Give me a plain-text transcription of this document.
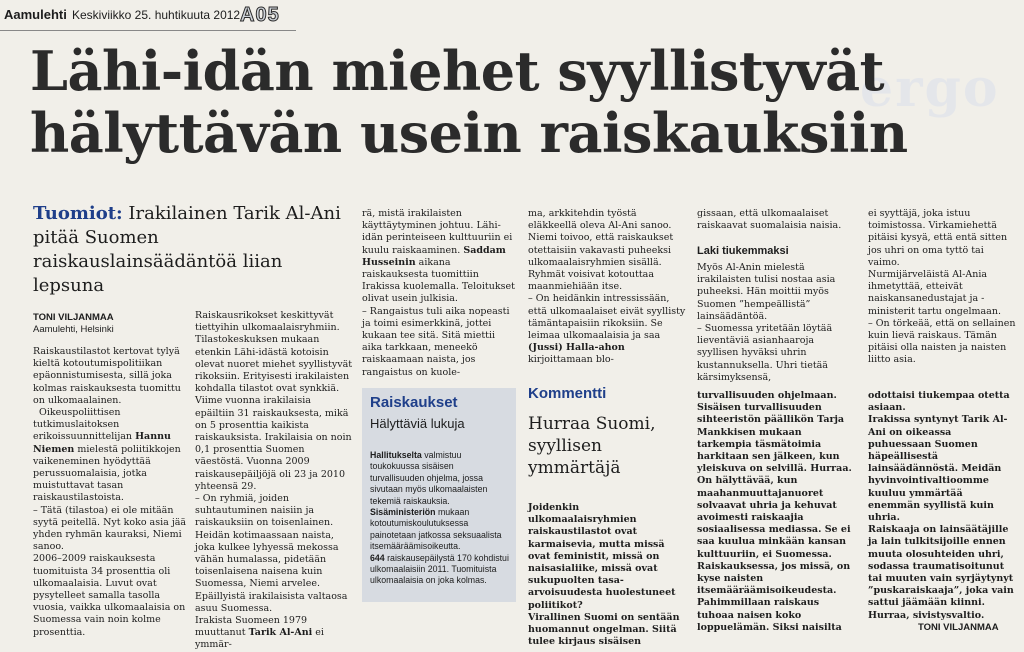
Aamulehti Keskiviikko 25. huhtikuuta 2012 A05
ergo
Lähi-idän miehet syyllistyvät
hälyttävän usein raiskauksiin
Tuomiot: Irakilainen Tarik Al-Ani pitää Suomen raiskauslainsäädäntöä liian lepsuna
TONI VILJANMAA
Aamulehti, Helsinki

Raiskaustilastot kertovat tylyä kieltä kotoutumispolitiikan epäonnistumisesta, sillä joka kolmas raiskauksesta tuomittu on ulkomaalainen.

Oikeuspoliittisen tutkimuslaitoksen erikoissuunnittelijan Hannu Niemen mielestä poliitikkojen vaikeneminen hyödyttää perussuomalaisia, jotka muistuttavat tasan raiskaustilastoista.

– Tätä (tilastoa) ei ole mitään syytä peitellä. Nyt koko asia jää yhden ryhmän kauraksi, Niemi sanoo.

2006–2009 raiskauksesta tuomituista 34 prosenttia oli ulkomaalaisia. Luvut ovat pysytelleet samalla tasolla vuosia, vaikka ulkomaalaisia on Suomessa vain noin kolme prosenttia.

Raiskausrikokset keskittyvät tiettyihin ulkomaalaisryhmiin. Tilastokeskuksen mukaan etenkin Lähi-idästä kotoisin olevat nuoret miehet syyllistyvät rikoksiin. Erityisesti irakilaisten kohdalla tilastot ovat synkkiä. Viime vuonna irakilaisia epäiltiin 31 raiskauksesta, mikä on 5 prosenttia kaikista raiskauksista. Irakilaisia on noin 0,1 prosenttia Suomen väestöstä. Vuonna 2009 raiskausepäiljöjä oli 23 ja 2010 yhteensä 29.

– On ryhmiä, joiden suhtautuminen naisiin ja raiskauksiin on toisenlainen. Heidän kotimaassaan naista, joka kulkee lyhyessä mekossa vähän humalassa, pidetään toisenlaisena naisena kuin Suomessa, Niemi arvelee.

Epäillyistä irakilaisista valtaosa asuu Suomessa.

Irakista Suomeen 1979 muuttanut Tarik Al-Ani ei ymmär-

rä, mistä irakilaisten käyttäytyminen johtuu. Lähi-idän perinteiseen kulttuuriin ei kuulu raiskaaminen. Saddam Husseinin aikana raiskauksesta tuomittiin Irakissa kuolemalla. Teloitukset olivat usein julkisia.

– Rangaistus tuli aika nopeasti ja toimi esimerkkinä, jottei kukaan tee sitä. Sitä miettii aika tarkkaan, meneekö raiskaamaan naista, jos rangaistus on kuole-

Raiskaukset
Hälyttäviä lukuja

Hallitukselta valmistuu toukokuussa sisäisen turvallisuuden ohjelma, jossa sivutaan myös ulkomaalaisten tekemiä raiskauksia.

Sisäministeriön mukaan kotoutumiskoulutuksessa painotetaan jatkossa seksuaalista itsemääräämisoikeutta.

644 raiskausepäilystä 170 kohdistui ulkomaalaisiin 2011. Tuomituista ulkomaalaisia on joka kolmas.

ma, arkkitehdin työstä eläkkeellä oleva Al-Ani sanoo.

Niemi toivoo, että raiskaukset otettaisiin vakavasti puheeksi ulkomaalaisryhmien sisällä. Ryhmät voisivat kotouttaa maanmiehiään itse.

– On heidänkin intressissään, että ulkomaalaiset eivät syyllisty tämäntapaisiin rikoksiin. Se leimaa ulkomaalaisia ja saa (Jussi) Halla-ahon kirjoittamaan blo-

Kommentti
Hurraa Suomi, syyllisen ymmärtäjä

Joidenkin ulkomaalaisryhmien raiskaustilastot ovat karmaisevia, mutta missä ovat feministit, missä on naisasialiike, missä ovat sukupuolten tasa-arvoisuudesta huolestuneet poliitikot?

Virallinen Suomi on sentään huomannut ongelman. Siitä tulee kirjaus sisäisen

gissaan, että ulkomaalaiset raiskaavat suomalaisia naisia.

Laki tiukemmaksi

Myös Al-Anin mielestä irakilaisten tulisi nostaa asia puheeksi. Hän moittii myös Suomen ”hempeällistä” lainsäädäntöä.

– Suomessa yritetään löytää lieventäviä asianhaaroja syyllisen hyväksi uhrin kustannuksella. Uhri tietää kärsimyksensä,

turvallisuuden ohjelmaan. Sisäisen turvallisuuden sihteeristön päällikön Tarja Mankkisen mukaan tarkempia täsmätoimia harkitaan sen jälkeen, kun yleiskuva on selvillä. Hurraa.

On hälyttävää, kun maahanmuuttajanuoret solvaavat uhria ja kehuvat avoimesti raiskaajia sosiaalisessa mediassa. Se ei saa kuulua minkään kansan kulttuuriin, ei Suomessa.

Raiskauksessa, jos missä, on kyse naisten itsemääräämisoikeudesta. Pahimmillaan raiskaus tuhoaa naisen koko loppuelämän. Siksi naisilta

ei syyttäjä, joka istuu toimistossa. Virkamiehettä pitäisi kysyä, että entä sitten jos uhri on oma tyttö tai vaimo.

Nurmijärveläistä Al-Ania ihmetyttää, etteivät naiskansanedustajat ja -ministerit tartu ongelmaan.

– On törkeää, että on sellainen kuin lievä raiskaus. Tämän pitäisi olla naisten ja naisten liitto asia.

odottaisi tiukempaa otetta asiaan.

Irakissa syntynyt Tarik Al-Ani on oikeassa puhuessaan Suomen häpeällisestä lainsäädännöstä. Meidän hyvinvointivaltioomme kuuluu ymmärtää enemmän syyllistä kuin uhria.

Raiskaaja on lainsäätäjille ja lain tulkitsijoille ennen muuta olosuhteiden uhri, sodassa traumatisoitunut tai muuten vain syrjäytynyt ”puskaraiskaaja”, joka vain sattui jäämään kiinni.

Hurraa, sivistysvaltio.

TONI VILJANMAA
